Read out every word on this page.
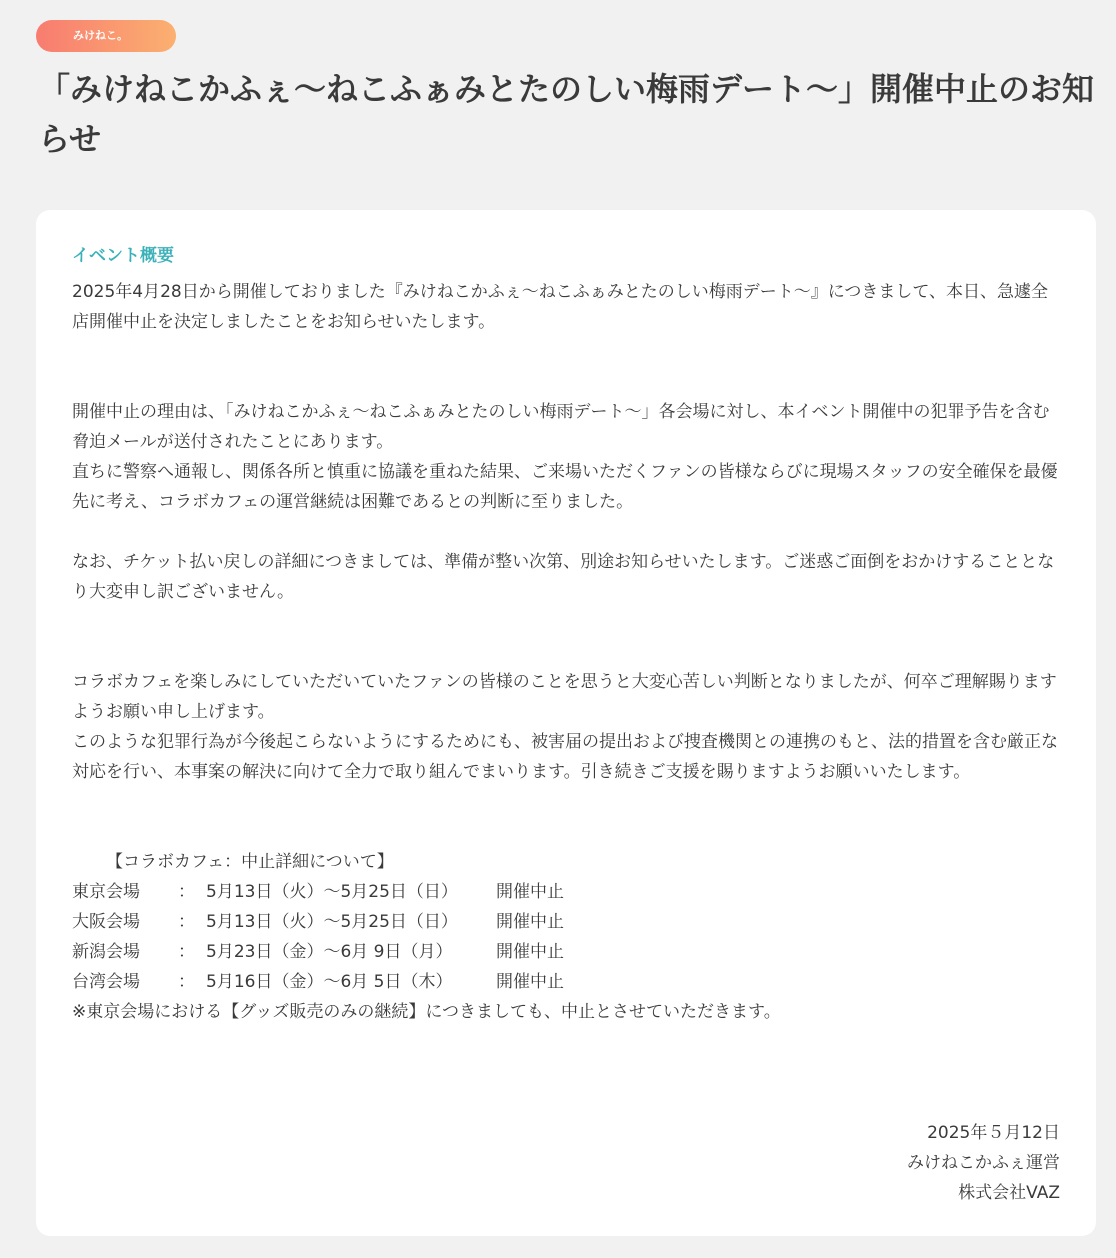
みけねこ。
「みけねこかふぇ〜ねこふぁみとたのしい梅雨デート〜」開催中止のお知らせ
イベント概要

2025年4月28日から開催しておりました『みけねこかふぇ〜ねこふぁみとたのしい梅雨デート〜』につきまして、本日、急遽全店開催中止を決定しましたことをお知らせいたします。

開催中止の理由は、「みけねこかふぇ〜ねこふぁみとたのしい梅雨デート〜」各会場に対し、本イベント開催中の犯罪予告を含む脅迫メールが送付されたことにあります。

直ちに警察へ通報し、関係各所と慎重に協議を重ねた結果、ご来場いただくファンの皆様ならびに現場スタッフの安全確保を最優先に考え、コラボカフェの運営継続は困難であるとの判断に至りました。

なお、チケット払い戻しの詳細につきましては、準備が整い次第、別途お知らせいたします。ご迷惑ご面倒をおかけすることとなり大変申し訳ございません。

コラボカフェを楽しみにしていただいていたファンの皆様のことを思うと大変心苦しい判断となりましたが、何卒ご理解賜りますようお願い申し上げます。

このような犯罪行為が今後起こらないようにするためにも、被害届の提出および捜査機関との連携のもと、法的措置を含む厳正な対応を行い、本事案の解決に向けて全力で取り組んでまいります。引き続きご支援を賜りますようお願いいたします。

【コラボカフェ：中止詳細について】

東京会場	： 5月13日（火）〜5月25日（日）	開催中止
大阪会場	： 5月13日（火）〜5月25日（日）	開催中止
新潟会場	： 5月23日（金）〜6月 9日（月）	開催中止
台湾会場	： 5月16日（金）〜6月 5日（木）	開催中止

※東京会場における【グッズ販売のみの継続】につきましても、中止とさせていただきます。

2025年５月12日
みけねこかふぇ運営
株式会社VAZ
